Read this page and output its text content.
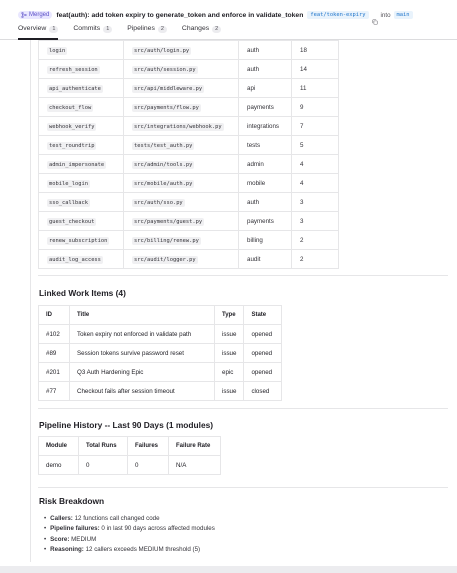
Merged feat(auth): add token expiry to generate_token and enforce in validate_token	feat/token-expiry	into	main
Overview	1	Commits	1	Pipelines	2	Changes	2
login	src/auth/login.py	auth	18
refresh_session	src/auth/session.py	auth	14
api_authenticate	src/api/middleware.py	api	11
checkout_flow	src/payments/flow.py	payments	9
webhook_verify	src/integrations/webhook.py	integrations	7
test_roundtrip	tests/test_auth.py	tests	5
admin_impersonate	src/admin/tools.py	admin	4
mobile_login	src/mobile/auth.py	mobile	4
sso_callback	src/auth/sso.py	auth	3
guest_checkout	src/payments/guest.py	payments	3
renew_subscription	src/billing/renew.py	billing	2
audit_log_access	src/audit/logger.py	audit	2
Linked Work Items (4)
ID	Title	Type	State
#102	Token expiry not enforced in validate path	issue	opened
#89	Session tokens survive password reset	issue	opened
#201	Q3 Auth Hardening Epic	epic	opened
#77	Checkout fails after session timeout	issue	closed
Pipeline History -- Last 90 Days (1 modules)
Module	Total Runs	Failures	Failure Rate
demo	0	0	N/A
Risk Breakdown
• Callers: 12 functions call changed code
• Pipeline failures: 0 in last 90 days across affected modules
• Score: MEDIUM
• Reasoning: 12 callers exceeds MEDIUM threshold (5)
